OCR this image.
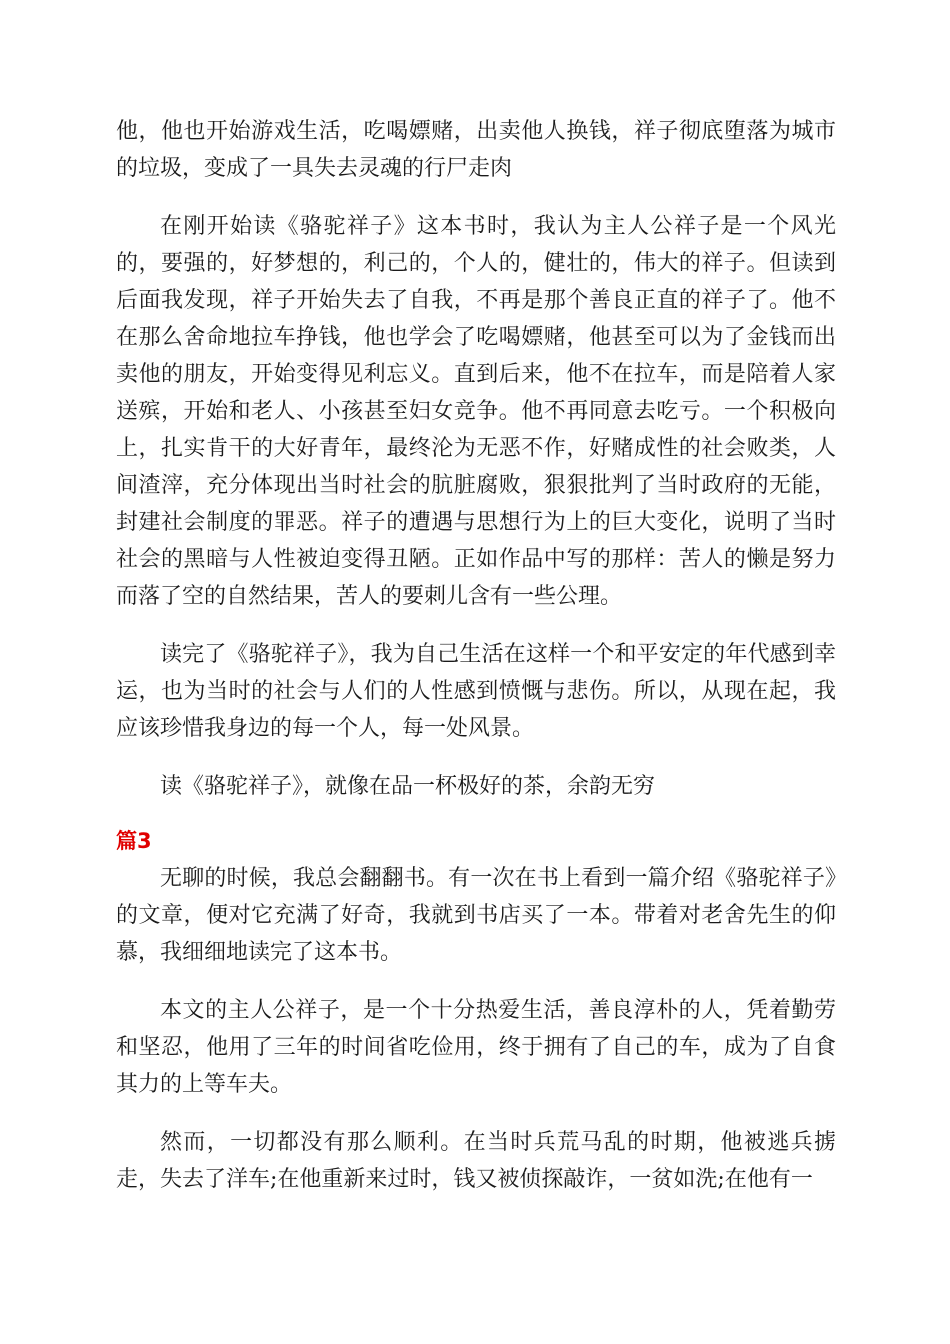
他，他也开始游戏生活，吃喝嫖赌，出卖他人换钱，祥子彻底堕落为城市的垃圾，变成了一具失去灵魂的行尸走肉

在刚开始读《骆驼祥子》这本书时，我认为主人公祥子是一个风光的，要强的，好梦想的，利己的，个人的，健壮的，伟大的祥子。但读到后面我发现，祥子开始失去了自我，不再是那个善良正直的祥子了。他不在那么舍命地拉车挣钱，他也学会了吃喝嫖赌，他甚至可以为了金钱而出卖他的朋友，开始变得见利忘义。直到后来，他不在拉车，而是陪着人家送殡，开始和老人、小孩甚至妇女竞争。他不再同意去吃亏。一个积极向上，扎实肯干的大好青年，最终沦为无恶不作，好赌成性的社会败类，人间渣滓，充分体现出当时社会的肮脏腐败，狠狠批判了当时政府的无能，封建社会制度的罪恶。祥子的遭遇与思想行为上的巨大变化，说明了当时社会的黑暗与人性被迫变得丑陋。正如作品中写的那样：苦人的懒是努力而落了空的自然结果，苦人的要刺儿含有一些公理。

读完了《骆驼祥子》，我为自己生活在这样一个和平安定的年代感到幸运，也为当时的社会与人们的人性感到愤慨与悲伤。所以，从现在起，我应该珍惜我身边的每一个人，每一处风景。

读《骆驼祥子》，就像在品一杯极好的茶，余韵无穷

篇3

无聊的时候，我总会翻翻书。有一次在书上看到一篇介绍《骆驼祥子》的文章，便对它充满了好奇，我就到书店买了一本。带着对老舍先生的仰慕，我细细地读完了这本书。

本文的主人公祥子，是一个十分热爱生活，善良淳朴的人，凭着勤劳和坚忍，他用了三年的时间省吃俭用，终于拥有了自己的车，成为了自食其力的上等车夫。

然而，一切都没有那么顺利。在当时兵荒马乱的时期，他被逃兵掳走，失去了洋车;在他重新来过时，钱又被侦探敲诈，一贫如洗;在他有一
